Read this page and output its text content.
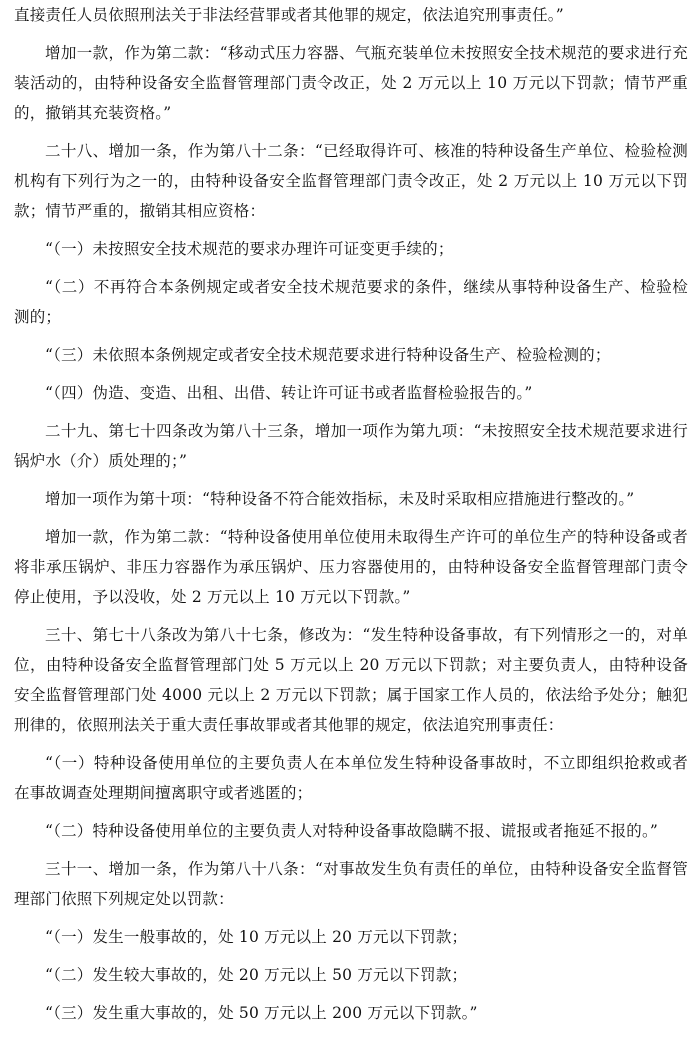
直接责任人员依照刑法关于非法经营罪或者其他罪的规定，依法追究刑事责任。”

增加一款，作为第二款：“移动式压力容器、气瓶充装单位未按照安全技术规范的要求进行充装活动的，由特种设备安全监督管理部门责令改正，处 2 万元以上 10 万元以下罚款；情节严重的，撤销其充装资格。”

二十八、增加一条，作为第八十二条：“已经取得许可、核准的特种设备生产单位、检验检测机构有下列行为之一的，由特种设备安全监督管理部门责令改正，处 2 万元以上 10 万元以下罚款；情节严重的，撤销其相应资格：

“（一）未按照安全技术规范的要求办理许可证变更手续的；

“（二）不再符合本条例规定或者安全技术规范要求的条件，继续从事特种设备生产、检验检测的；

“（三）未依照本条例规定或者安全技术规范要求进行特种设备生产、检验检测的；

“（四）伪造、变造、出租、出借、转让许可证书或者监督检验报告的。”

二十九、第七十四条改为第八十三条，增加一项作为第九项：“未按照安全技术规范要求进行锅炉水（介）质处理的；”

增加一项作为第十项：“特种设备不符合能效指标，未及时采取相应措施进行整改的。”

增加一款，作为第二款：“特种设备使用单位使用未取得生产许可的单位生产的特种设备或者将非承压锅炉、非压力容器作为承压锅炉、压力容器使用的，由特种设备安全监督管理部门责令停止使用，予以没收，处 2 万元以上 10 万元以下罚款。”

三十、第七十八条改为第八十七条，修改为：“发生特种设备事故，有下列情形之一的，对单位，由特种设备安全监督管理部门处 5 万元以上 20 万元以下罚款；对主要负责人，由特种设备安全监督管理部门处 4000 元以上 2 万元以下罚款；属于国家工作人员的，依法给予处分；触犯刑律的，依照刑法关于重大责任事故罪或者其他罪的规定，依法追究刑事责任：

“（一）特种设备使用单位的主要负责人在本单位发生特种设备事故时，不立即组织抢救或者在事故调查处理期间擅离职守或者逃匿的；

“（二）特种设备使用单位的主要负责人对特种设备事故隐瞒不报、谎报或者拖延不报的。”

三十一、增加一条，作为第八十八条：“对事故发生负有责任的单位，由特种设备安全监督管理部门依照下列规定处以罚款：

“（一）发生一般事故的，处 10 万元以上 20 万元以下罚款；

“（二）发生较大事故的，处 20 万元以上 50 万元以下罚款；

“（三）发生重大事故的，处 50 万元以上 200 万元以下罚款。”
